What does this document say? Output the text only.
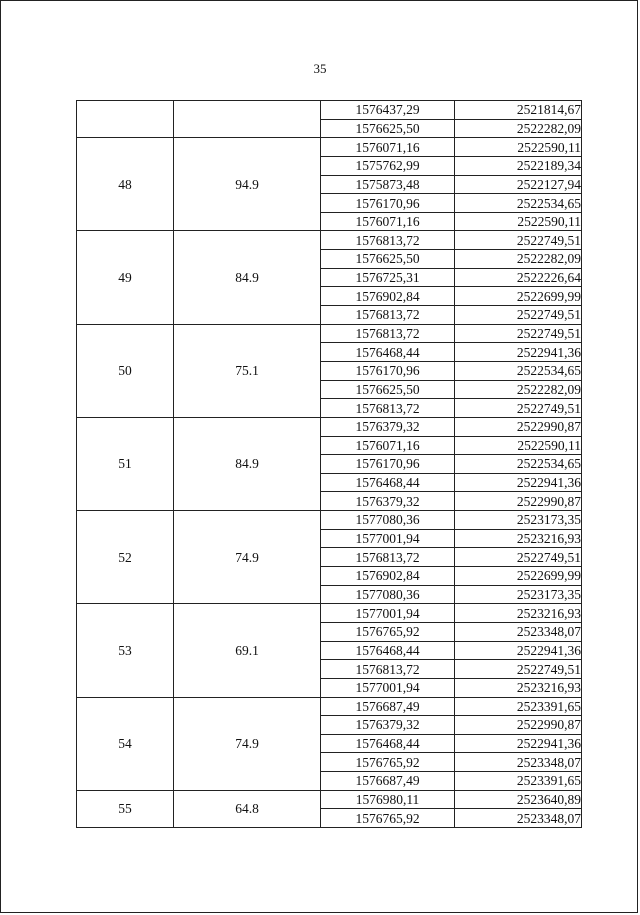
35
		1576437,29	2521814,67
		1576625,50	2522282,09
48	94.9	1576071,16	2522590,11
		1575762,99	2522189,34
		1575873,48	2522127,94
		1576170,96	2522534,65
		1576071,16	2522590,11
49	84.9	1576813,72	2522749,51
		1576625,50	2522282,09
		1576725,31	2522226,64
		1576902,84	2522699,99
		1576813,72	2522749,51
50	75.1	1576813,72	2522749,51
		1576468,44	2522941,36
		1576170,96	2522534,65
		1576625,50	2522282,09
		1576813,72	2522749,51
51	84.9	1576379,32	2522990,87
		1576071,16	2522590,11
		1576170,96	2522534,65
		1576468,44	2522941,36
		1576379,32	2522990,87
52	74.9	1577080,36	2523173,35
		1577001,94	2523216,93
		1576813,72	2522749,51
		1576902,84	2522699,99
		1577080,36	2523173,35
53	69.1	1577001,94	2523216,93
		1576765,92	2523348,07
		1576468,44	2522941,36
		1576813,72	2522749,51
		1577001,94	2523216,93
54	74.9	1576687,49	2523391,65
		1576379,32	2522990,87
		1576468,44	2522941,36
		1576765,92	2523348,07
		1576687,49	2523391,65
55	64.8	1576980,11	2523640,89
		1576765,92	2523348,07
